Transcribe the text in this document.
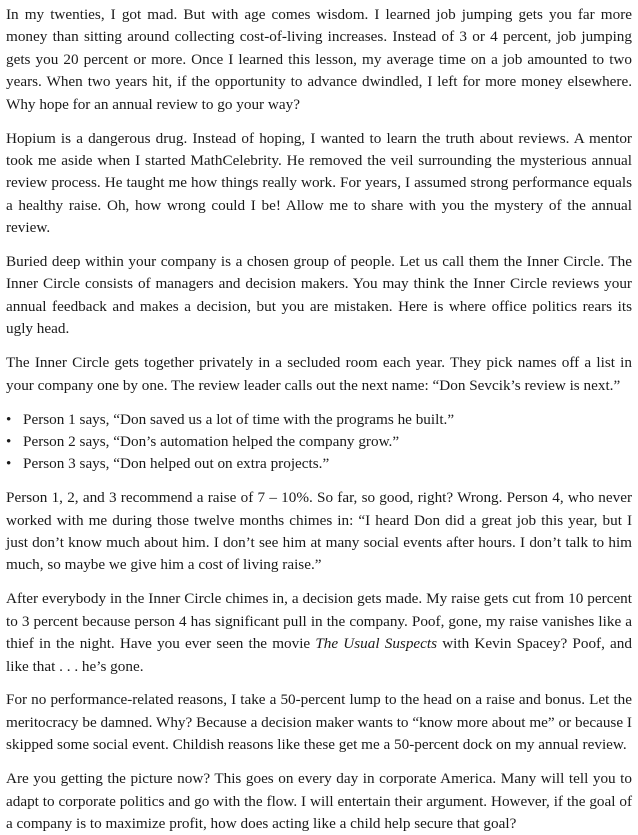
In my twenties, I got mad. But with age comes wisdom. I learned job jumping gets you far more money than sitting around collecting cost-of-living increases. Instead of 3 or 4 percent, job jumping gets you 20 percent or more. Once I learned this lesson, my average time on a job amounted to two years. When two years hit, if the opportunity to advance dwindled, I left for more money elsewhere. Why hope for an annual review to go your way?

Hopium is a dangerous drug. Instead of hoping, I wanted to learn the truth about reviews. A mentor took me aside when I started MathCelebrity. He removed the veil surrounding the mysterious annual review process. He taught me how things really work. For years, I assumed strong performance equals a healthy raise. Oh, how wrong could I be! Allow me to share with you the mystery of the annual review.

Buried deep within your company is a chosen group of people. Let us call them the Inner Circle. The Inner Circle consists of managers and decision makers. You may think the Inner Circle reviews your annual feedback and makes a decision, but you are mistaken. Here is where office politics rears its ugly head.

The Inner Circle gets together privately in a secluded room each year. They pick names off a list in your company one by one. The review leader calls out the next name: “Don Sevcik’s review is next.”

• Person 1 says, “Don saved us a lot of time with the programs he built.”
• Person 2 says, “Don’s automation helped the company grow.”
• Person 3 says, “Don helped out on extra projects.”

Person 1, 2, and 3 recommend a raise of 7 – 10%. So far, so good, right? Wrong. Person 4, who never worked with me during those twelve months chimes in: “I heard Don did a great job this year, but I just don’t know much about him. I don’t see him at many social events after hours. I don’t talk to him much, so maybe we give him a cost of living raise.”

After everybody in the Inner Circle chimes in, a decision gets made. My raise gets cut from 10 percent to 3 percent because person 4 has significant pull in the company. Poof, gone, my raise vanishes like a thief in the night. Have you ever seen the movie The Usual Suspects with Kevin Spacey? Poof, and like that . . . he’s gone.

For no performance-related reasons, I take a 50-percent lump to the head on a raise and bonus. Let the meritocracy be damned. Why? Because a decision maker wants to “know more about me” or because I skipped some social event. Childish reasons like these get me a 50-percent dock on my annual review.

Are you getting the picture now? This goes on every day in corporate America. Many will tell you to adapt to corporate politics and go with the flow. I will entertain their argument. However, if the goal of a company is to maximize profit, how does acting like a child help secure that goal?
